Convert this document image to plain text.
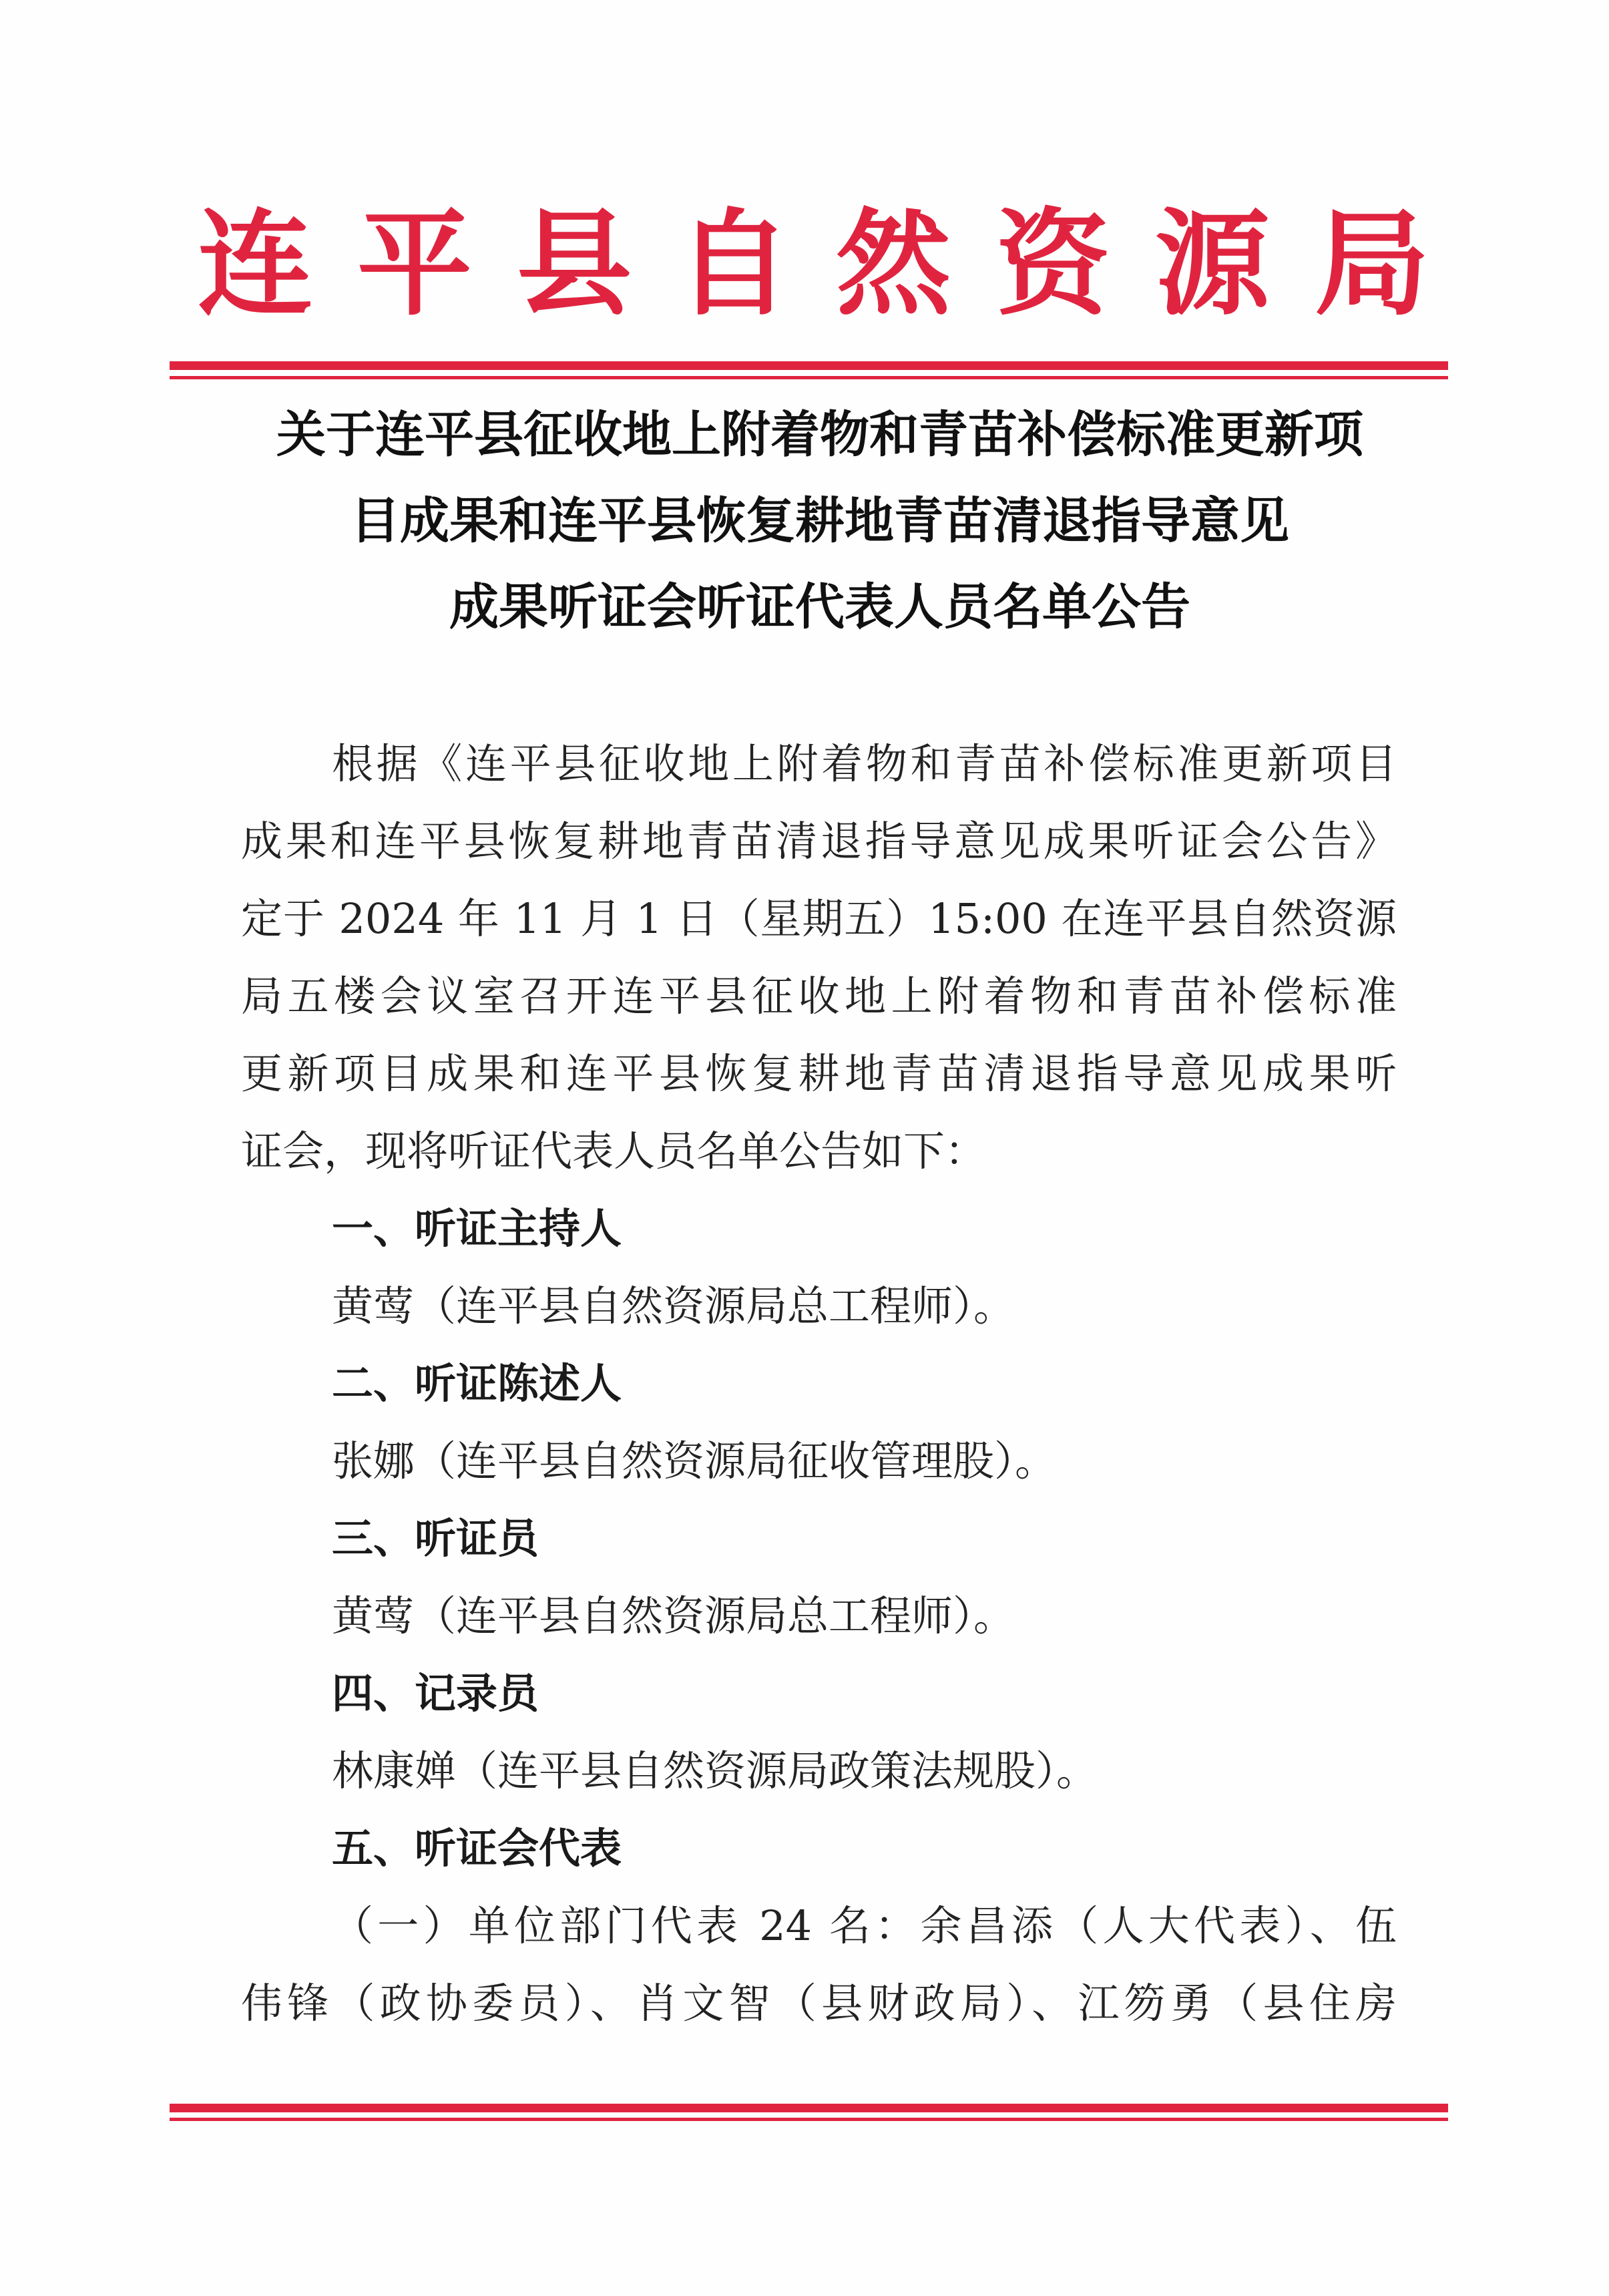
连平县自然资源局
关于连平县征收地上附着物和青苗补偿标准更新项
目成果和连平县恢复耕地青苗清退指导意见
成果听证会听证代表人员名单公告
根据《连平县征收地上附着物和青苗补偿标准更新项目
成果和连平县恢复耕地青苗清退指导意见成果听证会公告》
定于 2024 年 11 月 1 日（星期五）15:00 在连平县自然资源
局五楼会议室召开连平县征收地上附着物和青苗补偿标准
更新项目成果和连平县恢复耕地青苗清退指导意见成果听
证会，现将听证代表人员名单公告如下：
一、听证主持人
黄莺（连平县自然资源局总工程师）。
二、听证陈述人
张娜（连平县自然资源局征收管理股）。
三、听证员
黄莺（连平县自然资源局总工程师）。
四、记录员
林康婵（连平县自然资源局政策法规股）。
五、听证会代表
（一）单位部门代表 24 名：余昌添（人大代表）、伍
伟锋（政协委员）、肖文智（县财政局）、江笏勇（县住房
